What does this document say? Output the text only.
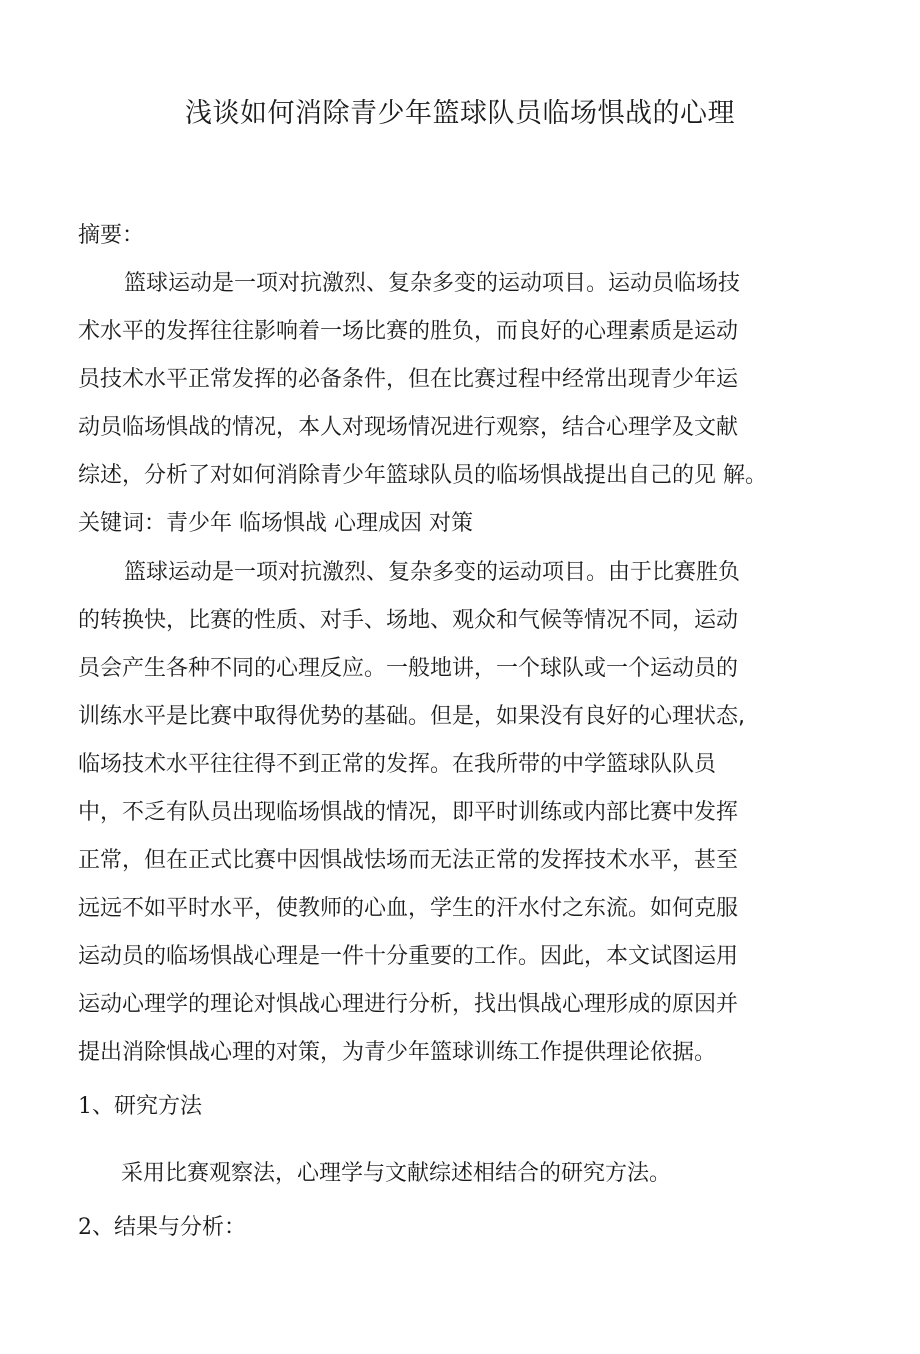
浅谈如何消除青少年篮球队员临场惧战的心理
摘要：
篮球运动是一项对抗激烈、复杂多变的运动项目。运动员临场技
术水平的发挥往往影响着一场比赛的胜负，而良好的心理素质是运动
员技术水平正常发挥的必备条件，但在比赛过程中经常出现青少年运
动员临场惧战的情况，本人对现场情况进行观察，结合心理学及文献
综述，分析了对如何消除青少年篮球队员的临场惧战提出自己的见 解。
关键词：青少年 临场惧战 心理成因 对策
篮球运动是一项对抗激烈、复杂多变的运动项目。由于比赛胜负
的转换快，比赛的性质、对手、场地、观众和气候等情况不同，运动
员会产生各种不同的心理反应。一般地讲，一个球队或一个运动员的
训练水平是比赛中取得优势的基础。但是，如果没有良好的心理状态,
临场技术水平往往得不到正常的发挥。在我所带的中学篮球队队员
中，不乏有队员出现临场惧战的情况，即平时训练或内部比赛中发挥
正常，但在正式比赛中因惧战怯场而无法正常的发挥技术水平，甚至
远远不如平时水平，使教师的心血，学生的汗水付之东流。如何克服
运动员的临场惧战心理是一件十分重要的工作。因此，本文试图运用
运动心理学的理论对惧战心理进行分析，找出惧战心理形成的原因并
提出消除惧战心理的对策，为青少年篮球训练工作提供理论依据。
1、研究方法
采用比赛观察法，心理学与文献综述相结合的研究方法。
2、结果与分析：
